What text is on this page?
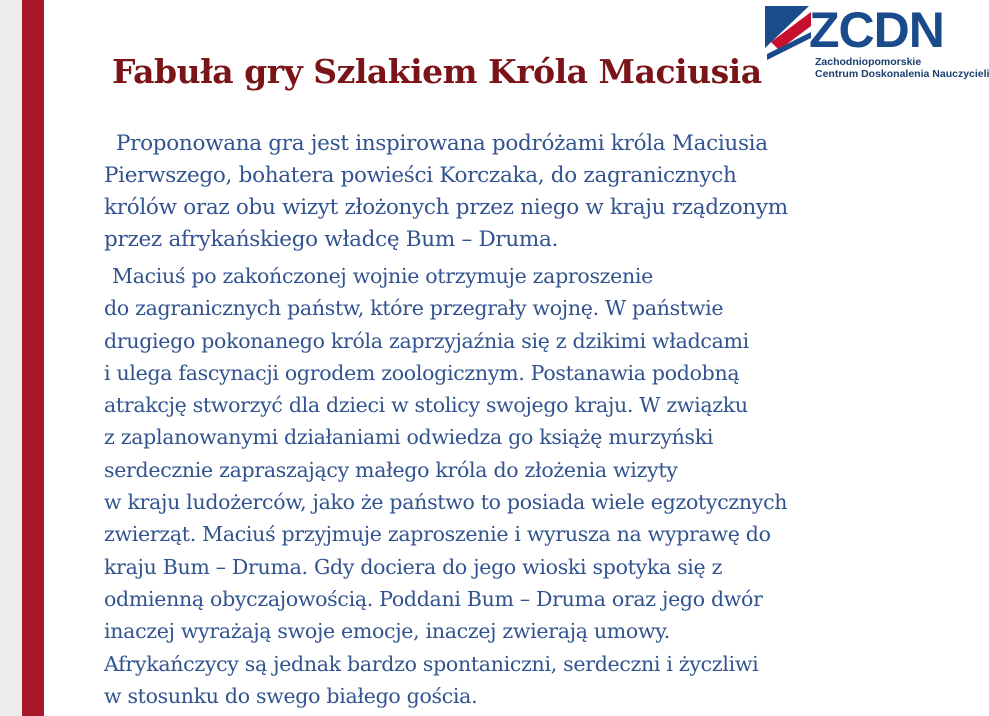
ZCDN
Zachodniopomorskie
Centrum Doskonalenia Nauczycieli
Fabuła gry Szlakiem Króla Maciusia

Proponowana gra jest inspirowana podróżami króla Maciusia
Pierwszego, bohatera powieści Korczaka, do zagranicznych
królów oraz obu wizyt złożonych przez niego w kraju rządzonym
przez afrykańskiego władcę Bum – Druma.

Maciuś po zakończonej wojnie otrzymuje zaproszenie
do zagranicznych państw, które przegrały wojnę. W państwie
drugiego pokonanego króla zaprzyjaźnia się z dzikimi władcami
i ulega fascynacji ogrodem zoologicznym. Postanawia podobną
atrakcję stworzyć dla dzieci w stolicy swojego kraju. W związku
z zaplanowanymi działaniami odwiedza go książę murzyński
serdecznie zapraszający małego króla do złożenia wizyty
w kraju ludożerców, jako że państwo to posiada wiele egzotycznych
zwierząt. Maciuś przyjmuje zaproszenie i wyrusza na wyprawę do
kraju Bum – Druma. Gdy dociera do jego wioski spotyka się z
odmienną obyczajowością. Poddani Bum – Druma oraz jego dwór
inaczej wyrażają swoje emocje, inaczej zwierają umowy.
Afrykańczycy są jednak bardzo spontaniczni, serdeczni i życzliwi
w stosunku do swego białego gościa.
